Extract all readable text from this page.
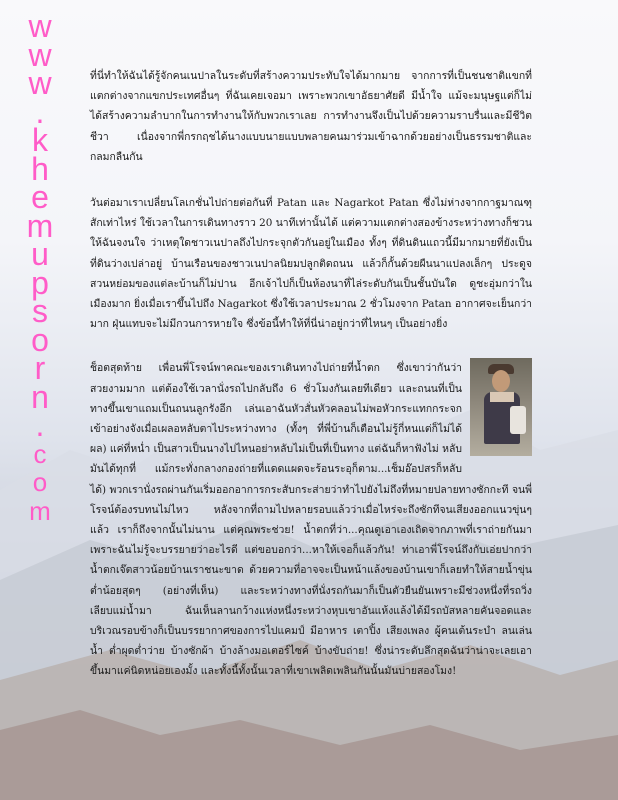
w
w
w
.
k
h
e
m
u
p
s
o
r
n
.
c
o
m

ที่นี่ทำให้ฉันได้รู้จักคนเนปาลในระดับที่สร้างความประทับใจได้มากมาย จากการที่เป็นชนชาติแขกที่แตกต่างจากแขกประเทศอื่นๆ ที่ฉันเคยเจอมา เพราะพวกเขาอัธยาศัยดี มีน้ำใจ แม้จะมนุษฐแต่ก็ไม่ได้สร้างความลำบากในการทำงานให้กับพวกเราเลย การทำงานจึงเป็นไปด้วยความราบรื่นและมีชีวิตชีวา เนื่องจากพี่กรกฤชได้นางแบบนายแบบพลายคนมาร่วมเข้าฉากด้วยอย่างเป็นธรรมชาติและกลมกลืนกัน

วันต่อมาเราเปลี่ยนโลเกชั่นไปถ่ายต่อกันที่ Patan และ Nagarkot Patan ซึ่งไม่ห่างจากกาฐมาณฑุสักเท่าไหร่ ใช้เวลาในการเดินทางราว 20 นาทีเท่านั้นได้ แต่ความแตกต่างสองข้างระหว่างทางก็ชวนให้ฉันจงนใจ ว่าเหตุใดชาวเนปาลถึงไปกระจุกตัวกันอยู่ในเมือง ทั้งๆ ที่ดินดินแถวนี้มีมากมายที่ยังเป็นที่ดินว่างเปล่าอยู่ บ้านเรือนของชาวเนปาลนิยมปลูกติดถนน แล้วก็กั้นด้วยผืนนาแปลงเล็กๆ ประดูจสวนหย่อมของแต่ละบ้านก็ไม่ปาน อีกเจ้าไปก็เป็นห้องนาที่ไล่ระดับกันเป็นชั้นบันใด ดูชะอุ่มกว่าในเมืองมาก ยิ่งเมื่อเราขึ้นไปถึง Nagarkot ซึ่งใช้เวลาประมาณ 2 ชั่วโมงจาก Patan อากาศจะเย็นกว่ามาก ฝุ่นแทบจะไม่มีกวนการหายใจ ซึ่งข้อนี้ทำให้ที่นี่น่าอยู่กว่าที่ไหนๆ เป็นอย่างยิ่ง

ช็อตสุดท้าย เพื่อนพี่โรจน์พาคณะของเราเดินทางไปถ่ายที่น้ำตก ซึ่งเขาว่ากันว่าสวยงามมาก แต่ต้องใช้เวลานั่งรถไปกลับถึง 6 ชั่วโมงกันเลยทีเดียว และถนนที่เป็นทางขึ้นเขาแถมเป็นถนนลูกรังอีก เล่นเอาฉันหัวสั่นหัวคลอนไม่พอหัวกระแทกกระจกเข้าอย่างจังเมื่อเผลอหลับตาไประหว่างทาง (ทั้งๆ ที่พี่บ้านก็เตือนไม่รู้กี่หนแต่ก็ไม่ได้ผล) แค่ที่หน่ำ เป็นสาวเป็นนางไปไหนอย่าหลับไม่เป็นที่เป็นทาง แต่ฉันก็หาฟังไม่ หลับมันได้ทุกที่ แม้กระทั่งกลางกองถ่ายที่แดดแผดจะร้อนระอุก็ตาม...เช็มอ๊อปสรก็หลับได้) พวกเรานั่งรถผ่านกันเริ่มออกอาการกระสับกระส่ายว่าทำไปยังไม่ถึงที่หมายปลายทางซักกะที จนพี่โรจน์ต้องรบทนไม่ไหว หลังจากที่ถามไปหลายรอบแล้วว่าเมื่อไหร่จะถึงซักทีจนเสียงออกแนวขุ่นๆ แล้ว เราก็ถึงจากนั้นไม่นาน แต่คุณพระช่วย! น้ำตกที่ว่า...คุณดูเอาเองเถิดจากภาพที่เราถ่ายกันมาเพราะฉันไม่รู้จะบรรยายว่าอะไรดี แต่ขอบอกว่า...หาให้เจอก็แล้วกัน! ท่าเอาพี่โรจน์ถึงกับเอ่ยปากว่าน้ำตกเจ๊ตสาวน้อยบ้านเราชนะขาด ด้วยความที่อาจจะเป็นหน้าแล้งของบ้านเขาก็เลยทำให้สายน้ำขุ่นต่ำน้อยสุดๆ (อย่างที่เห็น) และระหว่างทางที่นั่งรถกันมาก็เป็นตัวยืนยันเพราะมีช่วงหนึ่งที่รถวิ่งเลียบแม่น้ำมา ฉันเห็นลานกว้างแห่งหนึ่งระหว่างหุบเขาอันแห้งแล้งได้มีรถบัสหลายคันจอดและบริเวณรอบข้างก็เป็นบรรยากาศของการไปแคมป์ มีอาหาร เตาปิ้ง เสียงเพลง ผู้คนเต้นระบำ ลนเล่นน้ำ ต่ำผุดต่ำว่าย บ้างซักผ้า บ้างล้างมอเตอร์ไซค์ บ้างขับถ่าย! ซึ่งน่าระดับลึกสุดฉันว่าน่าจะเลยเอาขึ้นมาแค่นิดหน่อยเองมั้ง และทั้งนี้ทั้งนั้นเวลาที่เขาเพลิดเพลินกันนั้นมันบ่ายสองโมง!
